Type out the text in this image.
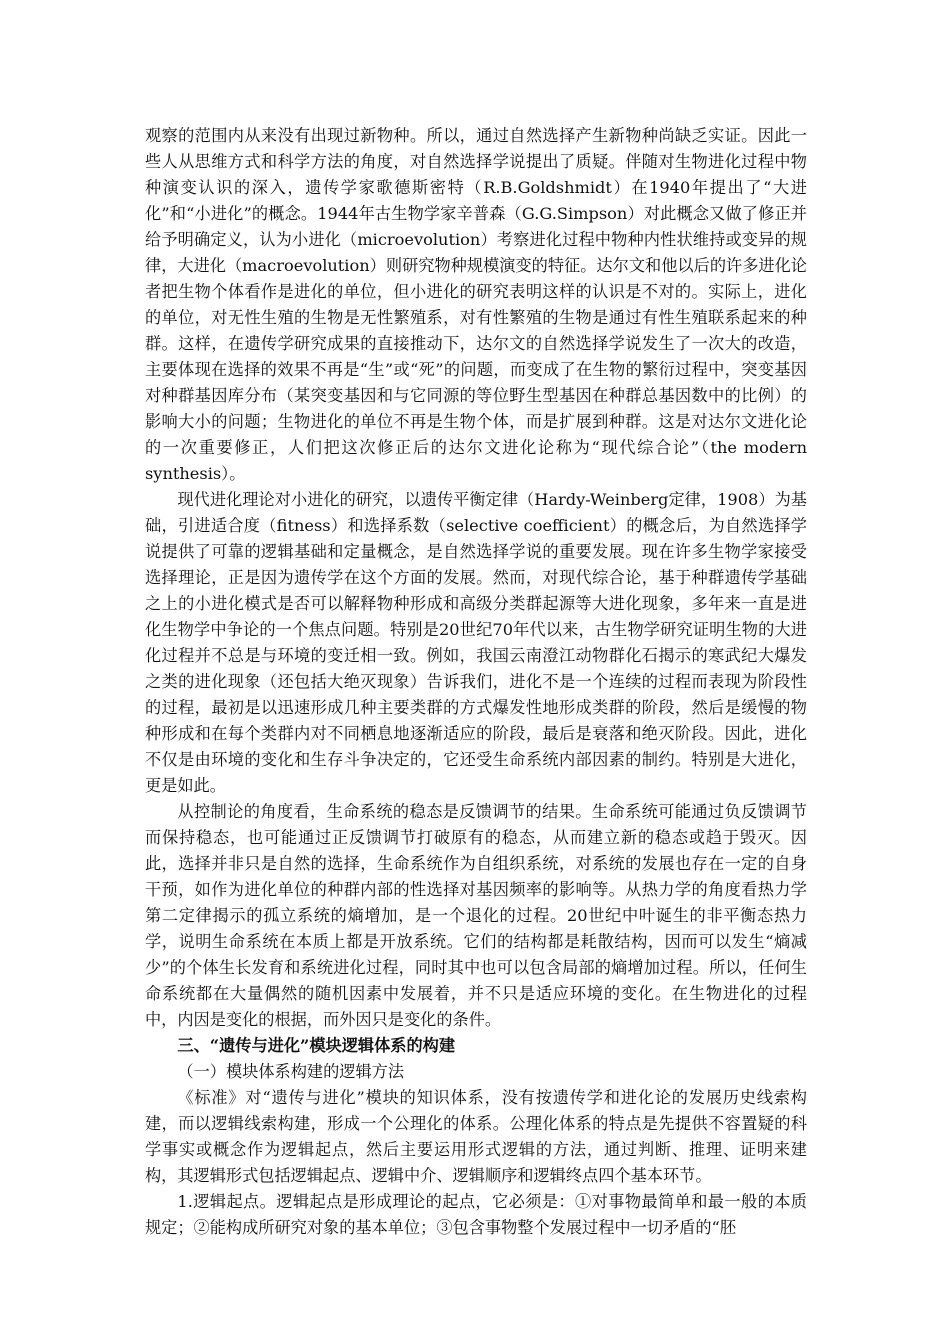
观察的范围内从来没有出现过新物种。所以，通过自然选择产生新物种尚缺乏实证。因此一些人从思维方式和科学方法的角度，对自然选择学说提出了质疑。伴随对生物进化过程中物种演变认识的深入，遗传学家歌德斯密特（R.B.Goldshmidt）在1940年提出了“大进化”和“小进化”的概念。1944年古生物学家辛普森（G.G.Simpson）对此概念又做了修正并给予明确定义，认为小进化（microevolution）考察进化过程中物种内性状维持或变异的规律，大进化（macroevolution）则研究物种规模演变的特征。达尔文和他以后的许多进化论者把生物个体看作是进化的单位，但小进化的研究表明这样的认识是不对的。实际上，进化的单位，对无性生殖的生物是无性繁殖系，对有性繁殖的生物是通过有性生殖联系起来的种群。这样，在遗传学研究成果的直接推动下，达尔文的自然选择学说发生了一次大的改造，主要体现在选择的效果不再是“生”或“死”的问题，而变成了在生物的繁衍过程中，突变基因对种群基因库分布（某突变基因和与它同源的等位野生型基因在种群总基因数中的比例）的影响大小的问题；生物进化的单位不再是生物个体，而是扩展到种群。这是对达尔文进化论的一次重要修正，人们把这次修正后的达尔文进化论称为“现代综合论”（the modern synthesis）。

现代进化理论对小进化的研究，以遗传平衡定律（Hardy-Weinberg定律，1908）为基础，引进适合度（fitness）和选择系数（selective coefficient）的概念后，为自然选择学说提供了可靠的逻辑基础和定量概念，是自然选择学说的重要发展。现在许多生物学家接受选择理论，正是因为遗传学在这个方面的发展。然而，对现代综合论，基于种群遗传学基础之上的小进化模式是否可以解释物种形成和高级分类群起源等大进化现象，多年来一直是进化生物学中争论的一个焦点问题。特别是20世纪70年代以来，古生物学研究证明生物的大进化过程并不总是与环境的变迁相一致。例如，我国云南澄江动物群化石揭示的寒武纪大爆发之类的进化现象（还包括大绝灭现象）告诉我们，进化不是一个连续的过程而表现为阶段性的过程，最初是以迅速形成几种主要类群的方式爆发性地形成类群的阶段，然后是缓慢的物种形成和在每个类群内对不同栖息地逐渐适应的阶段，最后是衰落和绝灭阶段。因此，进化不仅是由环境的变化和生存斗争决定的，它还受生命系统内部因素的制约。特别是大进化，更是如此。

从控制论的角度看，生命系统的稳态是反馈调节的结果。生命系统可能通过负反馈调节而保持稳态，也可能通过正反馈调节打破原有的稳态，从而建立新的稳态或趋于毁灭。因此，选择并非只是自然的选择，生命系统作为自组织系统，对系统的发展也存在一定的自身干预，如作为进化单位的种群内部的性选择对基因频率的影响等。从热力学的角度看热力学第二定律揭示的孤立系统的熵增加，是一个退化的过程。20世纪中叶诞生的非平衡态热力学，说明生命系统在本质上都是开放系统。它们的结构都是耗散结构，因而可以发生“熵减少”的个体生长发育和系统进化过程，同时其中也可以包含局部的熵增加过程。所以，任何生命系统都在大量偶然的随机因素中发展着，并不只是适应环境的变化。在生物进化的过程中，内因是变化的根据，而外因只是变化的条件。

三、“遗传与进化”模块逻辑体系的构建

（一）模块体系构建的逻辑方法

《标准》对“遗传与进化”模块的知识体系，没有按遗传学和进化论的发展历史线索构建，而以逻辑线索构建，形成一个公理化的体系。公理化体系的特点是先提供不容置疑的科学事实或概念作为逻辑起点，然后主要运用形式逻辑的方法，通过判断、推理、证明来建构，其逻辑形式包括逻辑起点、逻辑中介、逻辑顺序和逻辑终点四个基本环节。

1.逻辑起点。逻辑起点是形成理论的起点，它必须是：①对事物最简单和最一般的本质规定；②能构成所研究对象的基本单位；③包含事物整个发展过程中一切矛盾的“胚
